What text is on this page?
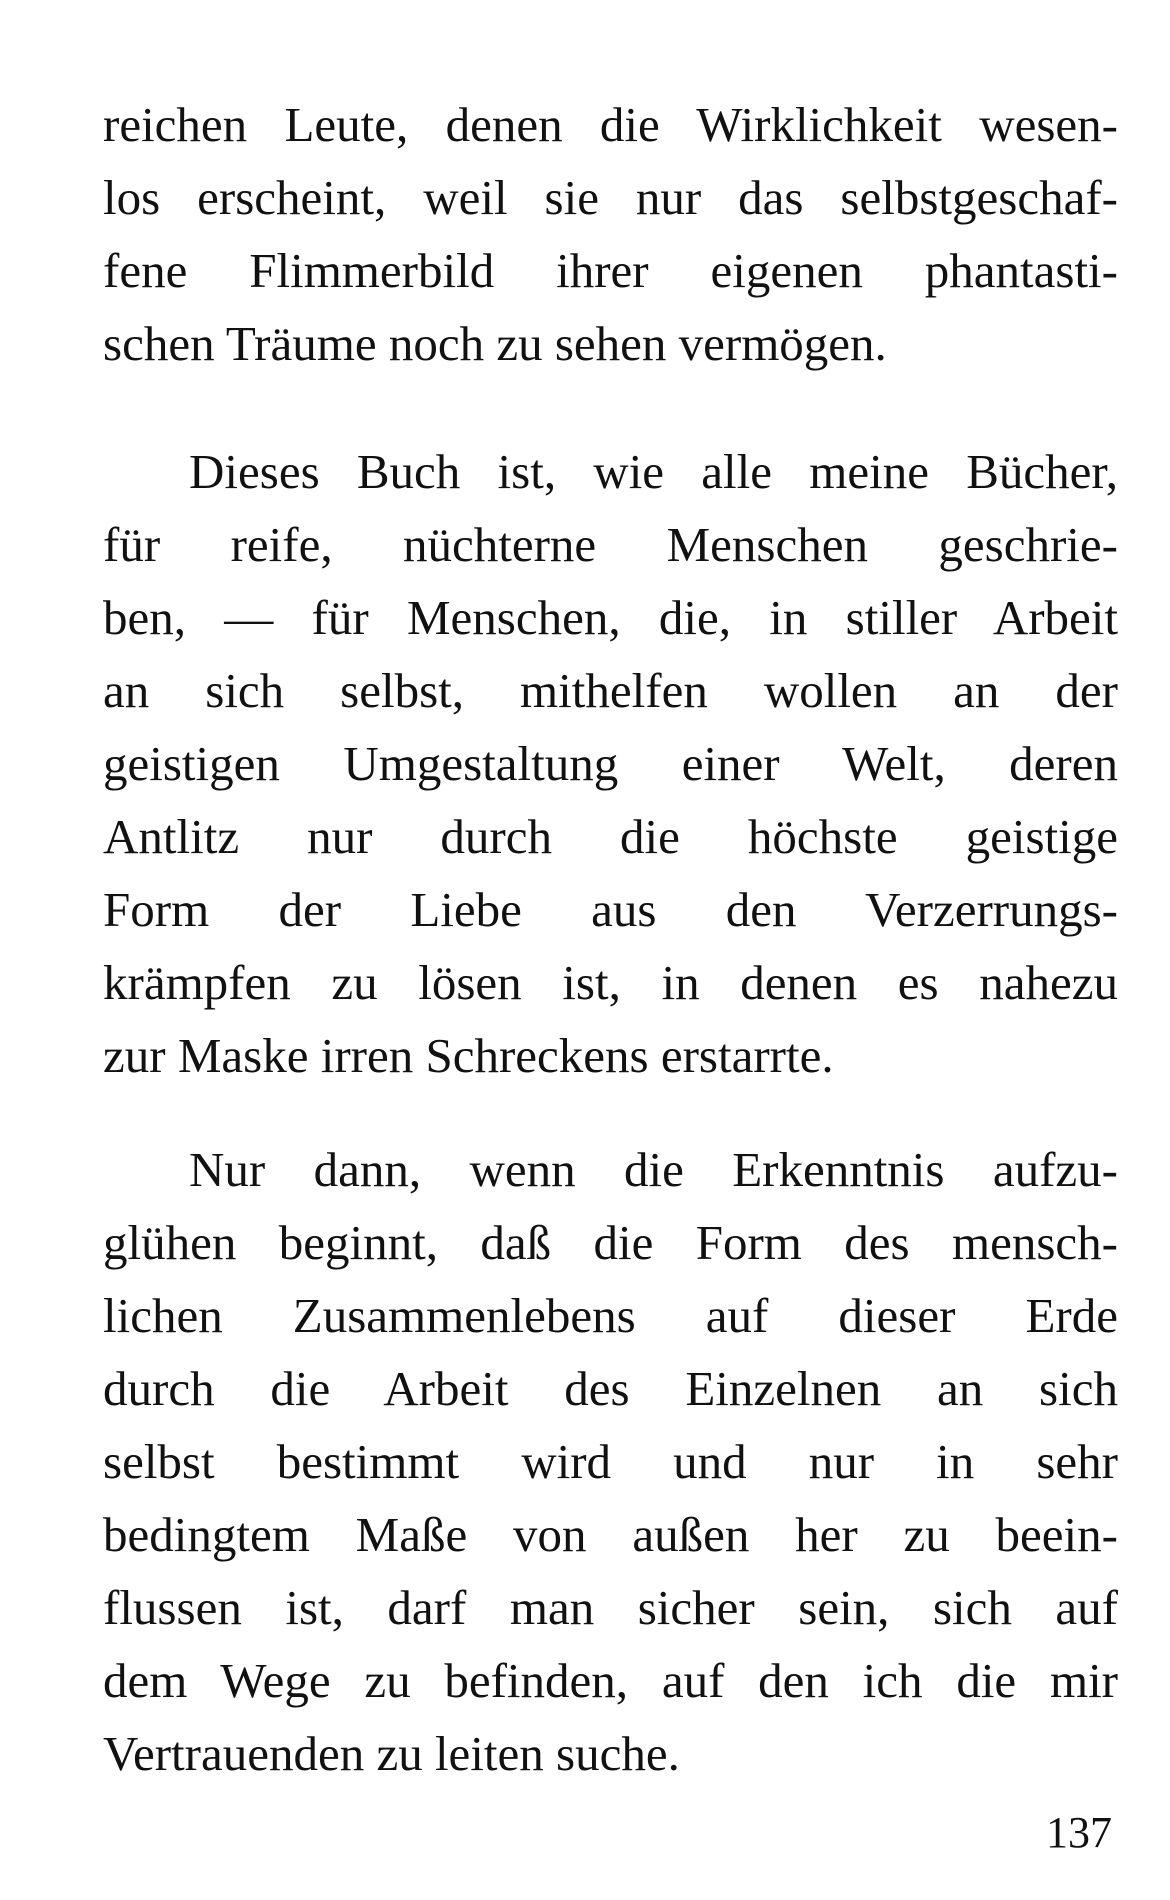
reichen Leute, denen die Wirklichkeit wesen-
los erscheint, weil sie nur das selbstgeschaf-
fene Flimmerbild ihrer eigenen phantasti-
schen Träume noch zu sehen vermögen.
Dieses Buch ist, wie alle meine Bücher,
für reife, nüchterne Menschen geschrie-
ben, — für Menschen, die, in stiller Arbeit
an sich selbst, mithelfen wollen an der
geistigen Umgestaltung einer Welt, deren
Antlitz nur durch die höchste geistige
Form der Liebe aus den Verzerrungs-
krämpfen zu lösen ist, in denen es nahezu
zur Maske irren Schreckens erstarrte.
Nur dann, wenn die Erkenntnis aufzu-
glühen beginnt, daß die Form des mensch-
lichen Zusammenlebens auf dieser Erde
durch die Arbeit des Einzelnen an sich
selbst bestimmt wird und nur in sehr
bedingtem Maße von außen her zu beein-
flussen ist, darf man sicher sein, sich auf
dem Wege zu befinden, auf den ich die mir
Vertrauenden zu leiten suche.
137
